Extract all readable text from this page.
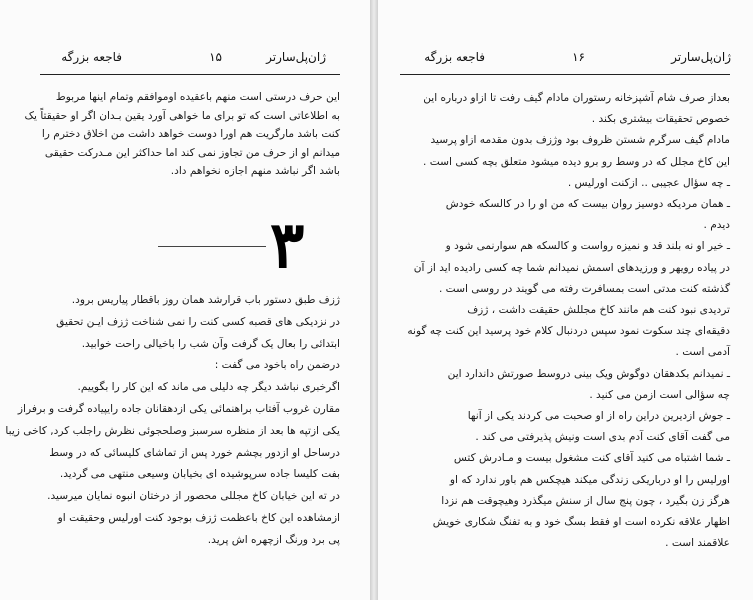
ژان‌پل‌سارتر
۱۵
فاجعه بزرگه

این حرف درستی است منهم باعقیده اوموافقم وتمام اینها مربوط

به اطلاعاتی است که تو برای ما خواهی آورد یقین بـدان اگر او حقیقتاً یک

کنت باشد مارگریت هم اورا دوست خواهد داشت من اخلاق دخترم را

میدانم او از حرف من تجاوز نمی کند اما حداکثر این مـدرکت حقیقی

باشد اگر نباشد منهم اجازه نخواهم داد.

۳

ژزف طبق دستور باب قرارشد همان روز باقطار پیاریس برود.

در نزدیکی های قصبه کسی کنت را نمی شناخت ژزف ایـن تحقیق

ابتدائی را بعال یک گرفت وآن شب را باخیالی راحت خوابید.

درضمن راه باخود می گفت :

اگرخبری نباشد دیگر چه دلیلی می ماند که این کار را بگوییم.

مقارن غروب آفتاب براهنمائی یکی ازدهقانان جاده رایپیاده گرفت و برفراز

یکی ازتپه ها بعد از منظره سرسبز وصلحجوئی نظرش راجلب کرد, کاخی زیبا

درساحل او ازدور بچشم خورد پس از تماشای کلیسائی که در وسط

بفت کلیسا جاده سرپوشیده ای بخیابان وسیعی منتهی می گردید.

در ته این خیابان کاخ مجللی محصور از درختان انبوه نمایان میرسید.

ازمشاهده این کاخ باعظمت ژزف بوجود کنت اورلیس وحقیقت او

پی برد ورنگ ازچهره اش پرید.

ژان‌پل‌سارتر
۱۶
فاجعه بزرگه

بعداز صرف شام آشپزخانه رستوران مادام گیف رفت تا ازاو درباره این

خصوص تحقیقات بیشتری بکند .

مادام گیف سرگرم شستن ظروف بود وژزف بدون مقدمه ازاو پرسید

این کاخ مجلل که در وسط رو برو دیده میشود متعلق بچه کسی است .

ـ چه سؤال عجیبی .. ازکنت اورلیس .

ـ همان مردیکه دوسیز روان بیست که من او را در کالسکه خودش

دیدم .

ـ خیر او نه بلند قد و نمیزه رواست و کالسکه هم سوارنمی شود و

در پیاده رویهر و ورزیدهای اسمش نمیدانم شما چه کسی رادیده اید از آن

گذشته کنت مدتی است بمسافرت رفته می گویند در روسی است .

تردیدی نبود کنت هم مانند کاخ مجللش حقیقت داشت ، ژزف

دقیقه‌ای چند سکوت نمود سپس دردنبال کلام خود پرسید این کنت چه گونه

آدمی است .

ـ نمیدانم بکدهقان دوگوش ویک بینی دروسط صورتش داندارد این

چه سؤالی است ازمن می کنید .

ـ جوش ازدیرین دراین راه از او صحبت می کردند یکی از آنها

می گفت آقای کنت آدم بدی است ونیش پذیرفتی می کند .

ـ شما اشتباه می کنید آقای کنت مشغول بیست و مـادرش کتس

اورلیس را او درباریکی زندگی میکند هیچکس هم باور ندارد که او

هرگز زن بگیرد ، چون پنج سال از سنش میگذرد وهیچوقت هم نزدا

اظهار علاقه نکرده است او فقط بسگ خود و به تفنگ شکاری خویش

علاقمند است .
